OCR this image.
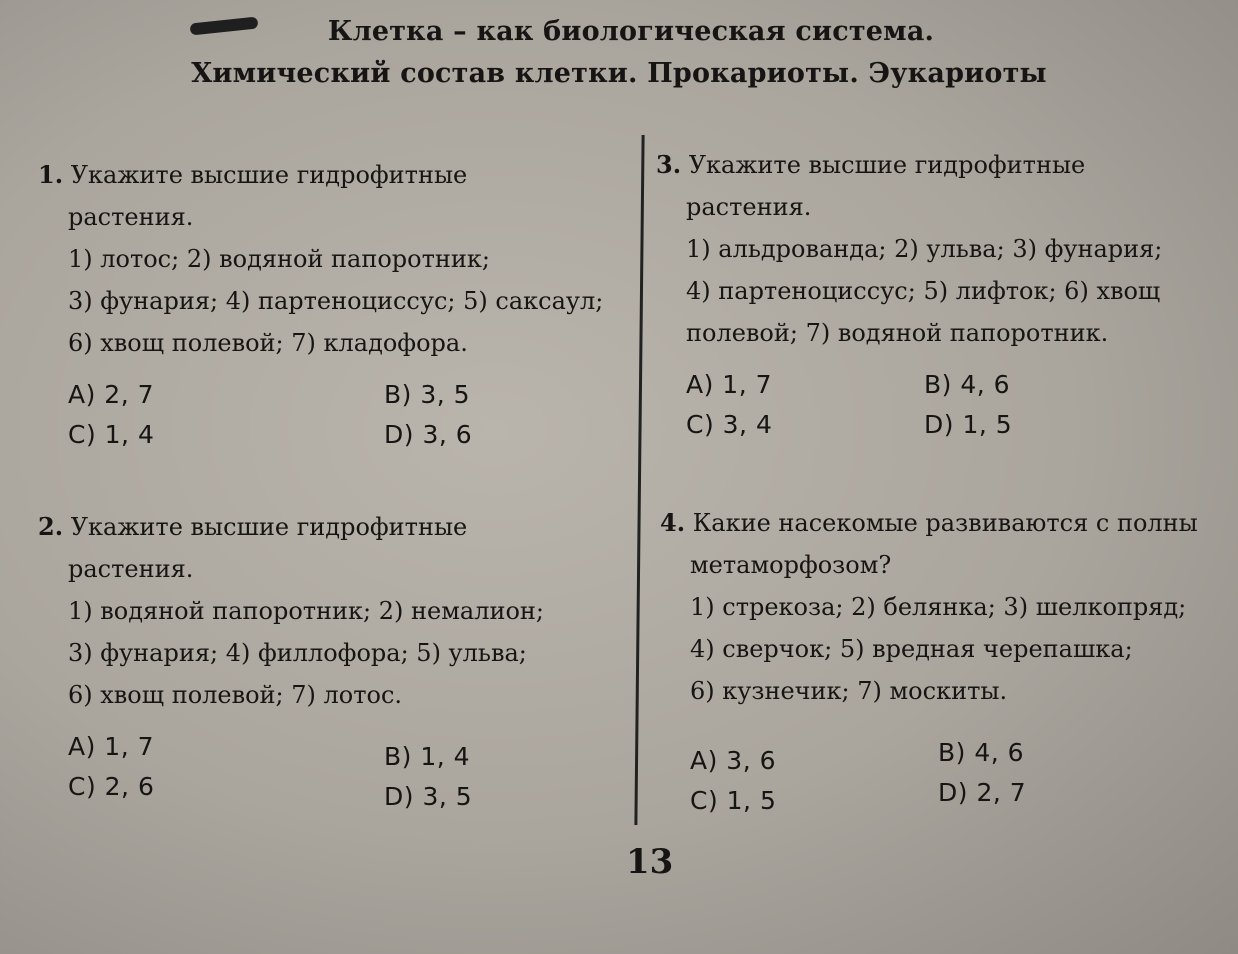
Клетка – как биологическая система.
Химический состав клетки. Прокариоты. Эукариоты
1. Укажите высшие гидрофитные
растения.
1) лотос; 2) водяной папоротник;
3) фунария; 4) партеноциссус; 5) саксаул;
6) хвощ полевой; 7) кладофора.
A) 2, 7	B) 3, 5
C) 1, 4	D) 3, 6
2. Укажите высшие гидрофитные
растения.
1) водяной папоротник; 2) немалион;
3) фунария; 4) филлофора; 5) ульва;
6) хвощ полевой; 7) лотос.
A) 1, 7	B) 1, 4
C) 2, 6	D) 3, 5
3. Укажите высшие гидрофитные
растения.
1) альдрованда; 2) ульва; 3) фунария;
4) партеноциссус; 5) лифток; 6) хвощ
полевой; 7) водяной папоротник.
A) 1, 7	B) 4, 6
C) 3, 4	D) 1, 5
4. Какие насекомые развиваются с полны
метаморфозом?
1) стрекоза; 2) белянка; 3) шелкопряд;
4) сверчок; 5) вредная черепашка;
6) кузнечик; 7) москиты.
A) 3, 6	B) 4, 6
C) 1, 5	D) 2, 7
13
